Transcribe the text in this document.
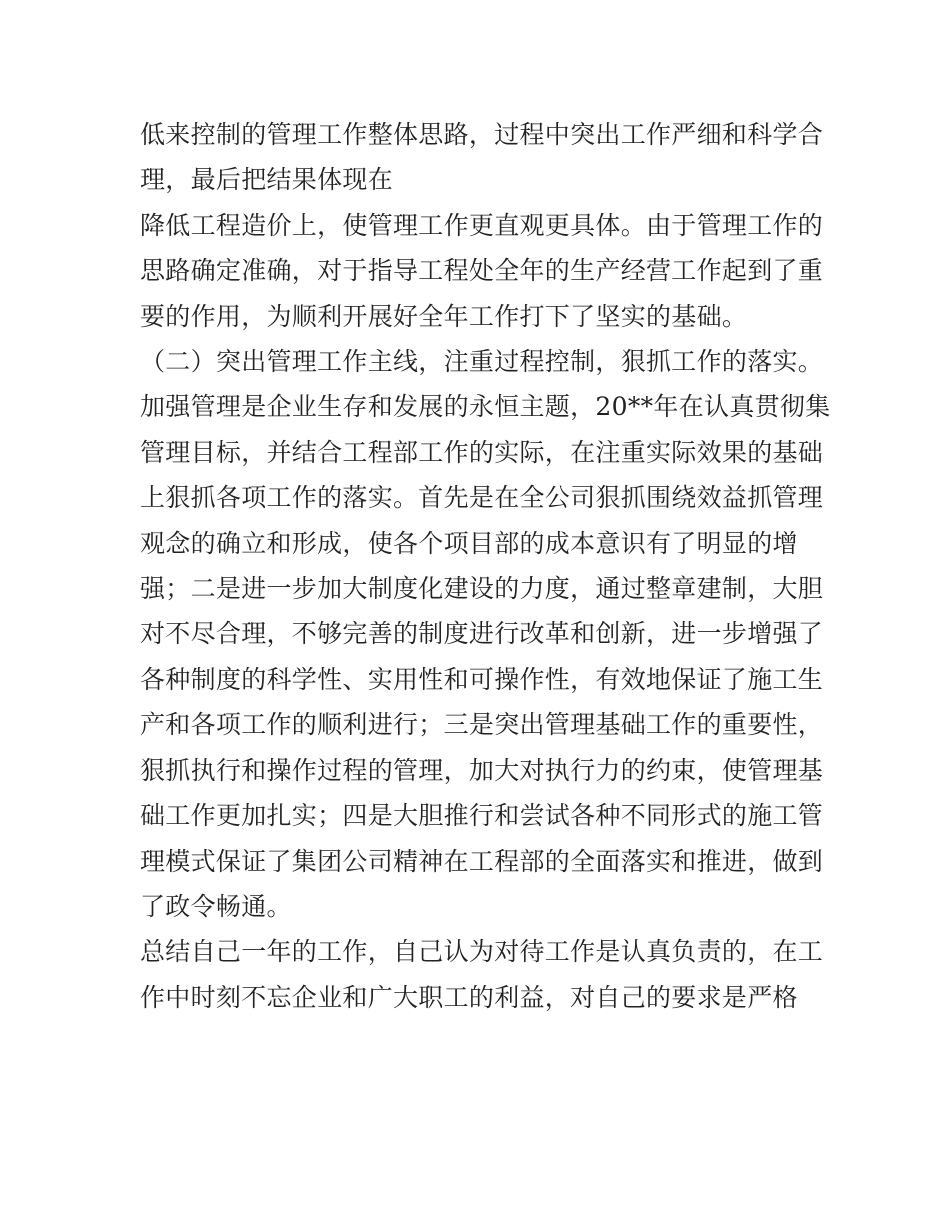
低来控制的管理工作整体思路，过程中突出工作严细和科学合
理，最后把结果体现在
降低工程造价上，使管理工作更直观更具体。由于管理工作的
思路确定准确，对于指导工程处全年的生产经营工作起到了重
要的作用，为顺利开展好全年工作打下了坚实的基础。
（二）突出管理工作主线，注重过程控制，狠抓工作的落实。
加强管理是企业生存和发展的永恒主题，20**年在认真贯彻集
管理目标，并结合工程部工作的实际，在注重实际效果的基础
上狠抓各项工作的落实。首先是在全公司狠抓围绕效益抓管理
观念的确立和形成，使各个项目部的成本意识有了明显的增
强；二是进一步加大制度化建设的力度，通过整章建制，大胆
对不尽合理，不够完善的制度进行改革和创新，进一步增强了
各种制度的科学性、实用性和可操作性，有效地保证了施工生
产和各项工作的顺利进行；三是突出管理基础工作的重要性，
狠抓执行和操作过程的管理，加大对执行力的约束，使管理基
础工作更加扎实；四是大胆推行和尝试各种不同形式的施工管
理模式保证了集团公司精神在工程部的全面落实和推进，做到
了政令畅通。
总结自己一年的工作，自己认为对待工作是认真负责的，在工
作中时刻不忘企业和广大职工的利益，对自己的要求是严格
